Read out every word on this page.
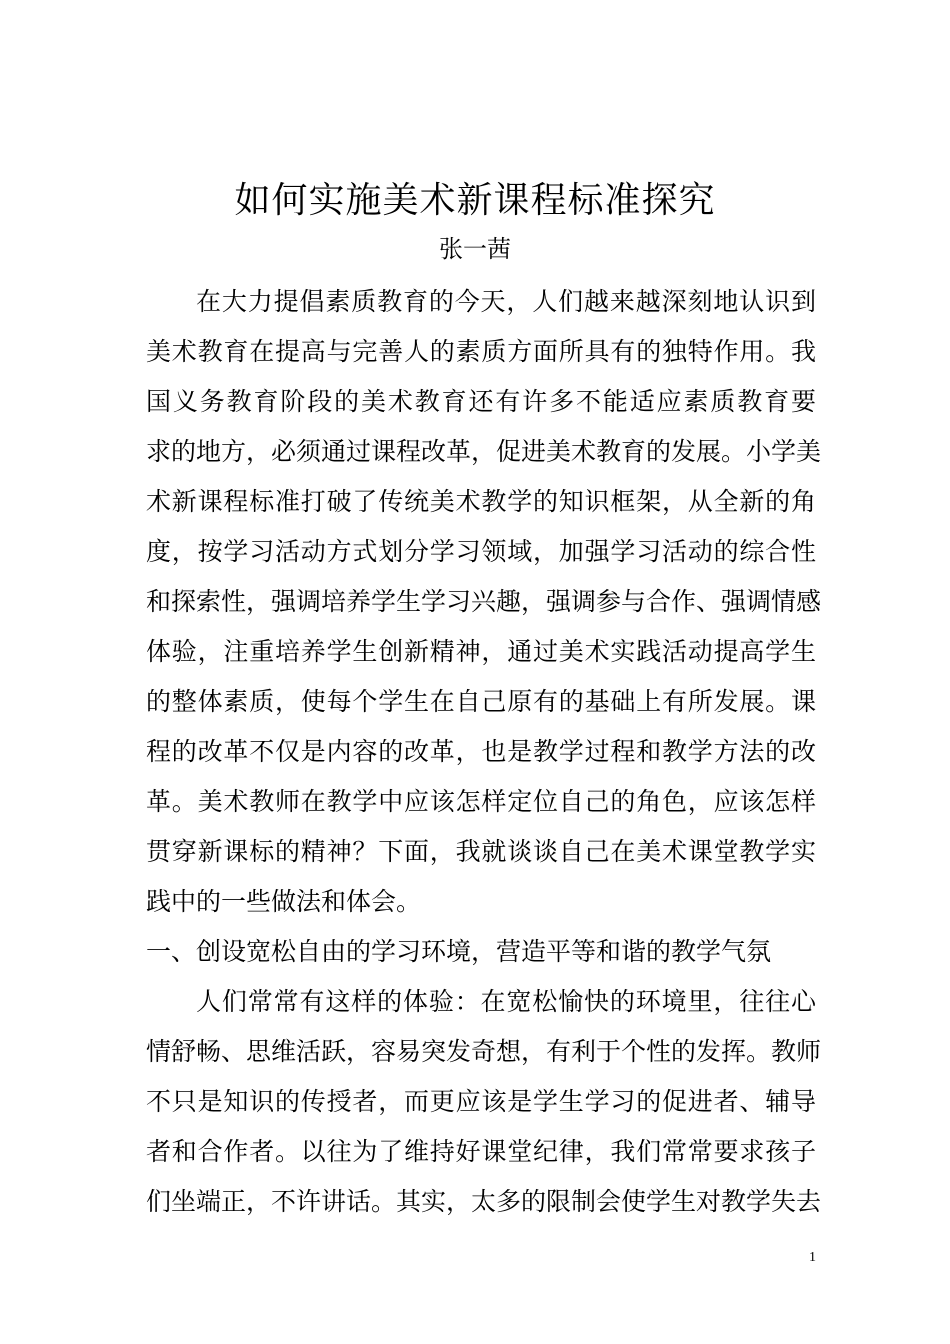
如何实施美术新课程标准探究
张一茜
在大力提倡素质教育的今天，人们越来越深刻地认识到
美术教育在提高与完善人的素质方面所具有的独特作用。我
国义务教育阶段的美术教育还有许多不能适应素质教育要
求的地方，必须通过课程改革，促进美术教育的发展。小学美
术新课程标准打破了传统美术教学的知识框架，从全新的角
度，按学习活动方式划分学习领域，加强学习活动的综合性
和探索性，强调培养学生学习兴趣，强调参与合作、强调情感
体验，注重培养学生创新精神，通过美术实践活动提高学生
的整体素质，使每个学生在自己原有的基础上有所发展。课
程的改革不仅是内容的改革，也是教学过程和教学方法的改
革。美术教师在教学中应该怎样定位自己的角色，应该怎样
贯穿新课标的精神？下面，我就谈谈自己在美术课堂教学实
践中的一些做法和体会。
一、创设宽松自由的学习环境，营造平等和谐的教学气氛
人们常常有这样的体验：在宽松愉快的环境里，往往心
情舒畅、思维活跃，容易突发奇想，有利于个性的发挥。教师
不只是知识的传授者，而更应该是学生学习的促进者、辅导
者和合作者。以往为了维持好课堂纪律，我们常常要求孩子
们坐端正，不许讲话。其实，太多的限制会使学生对教学失去
1
